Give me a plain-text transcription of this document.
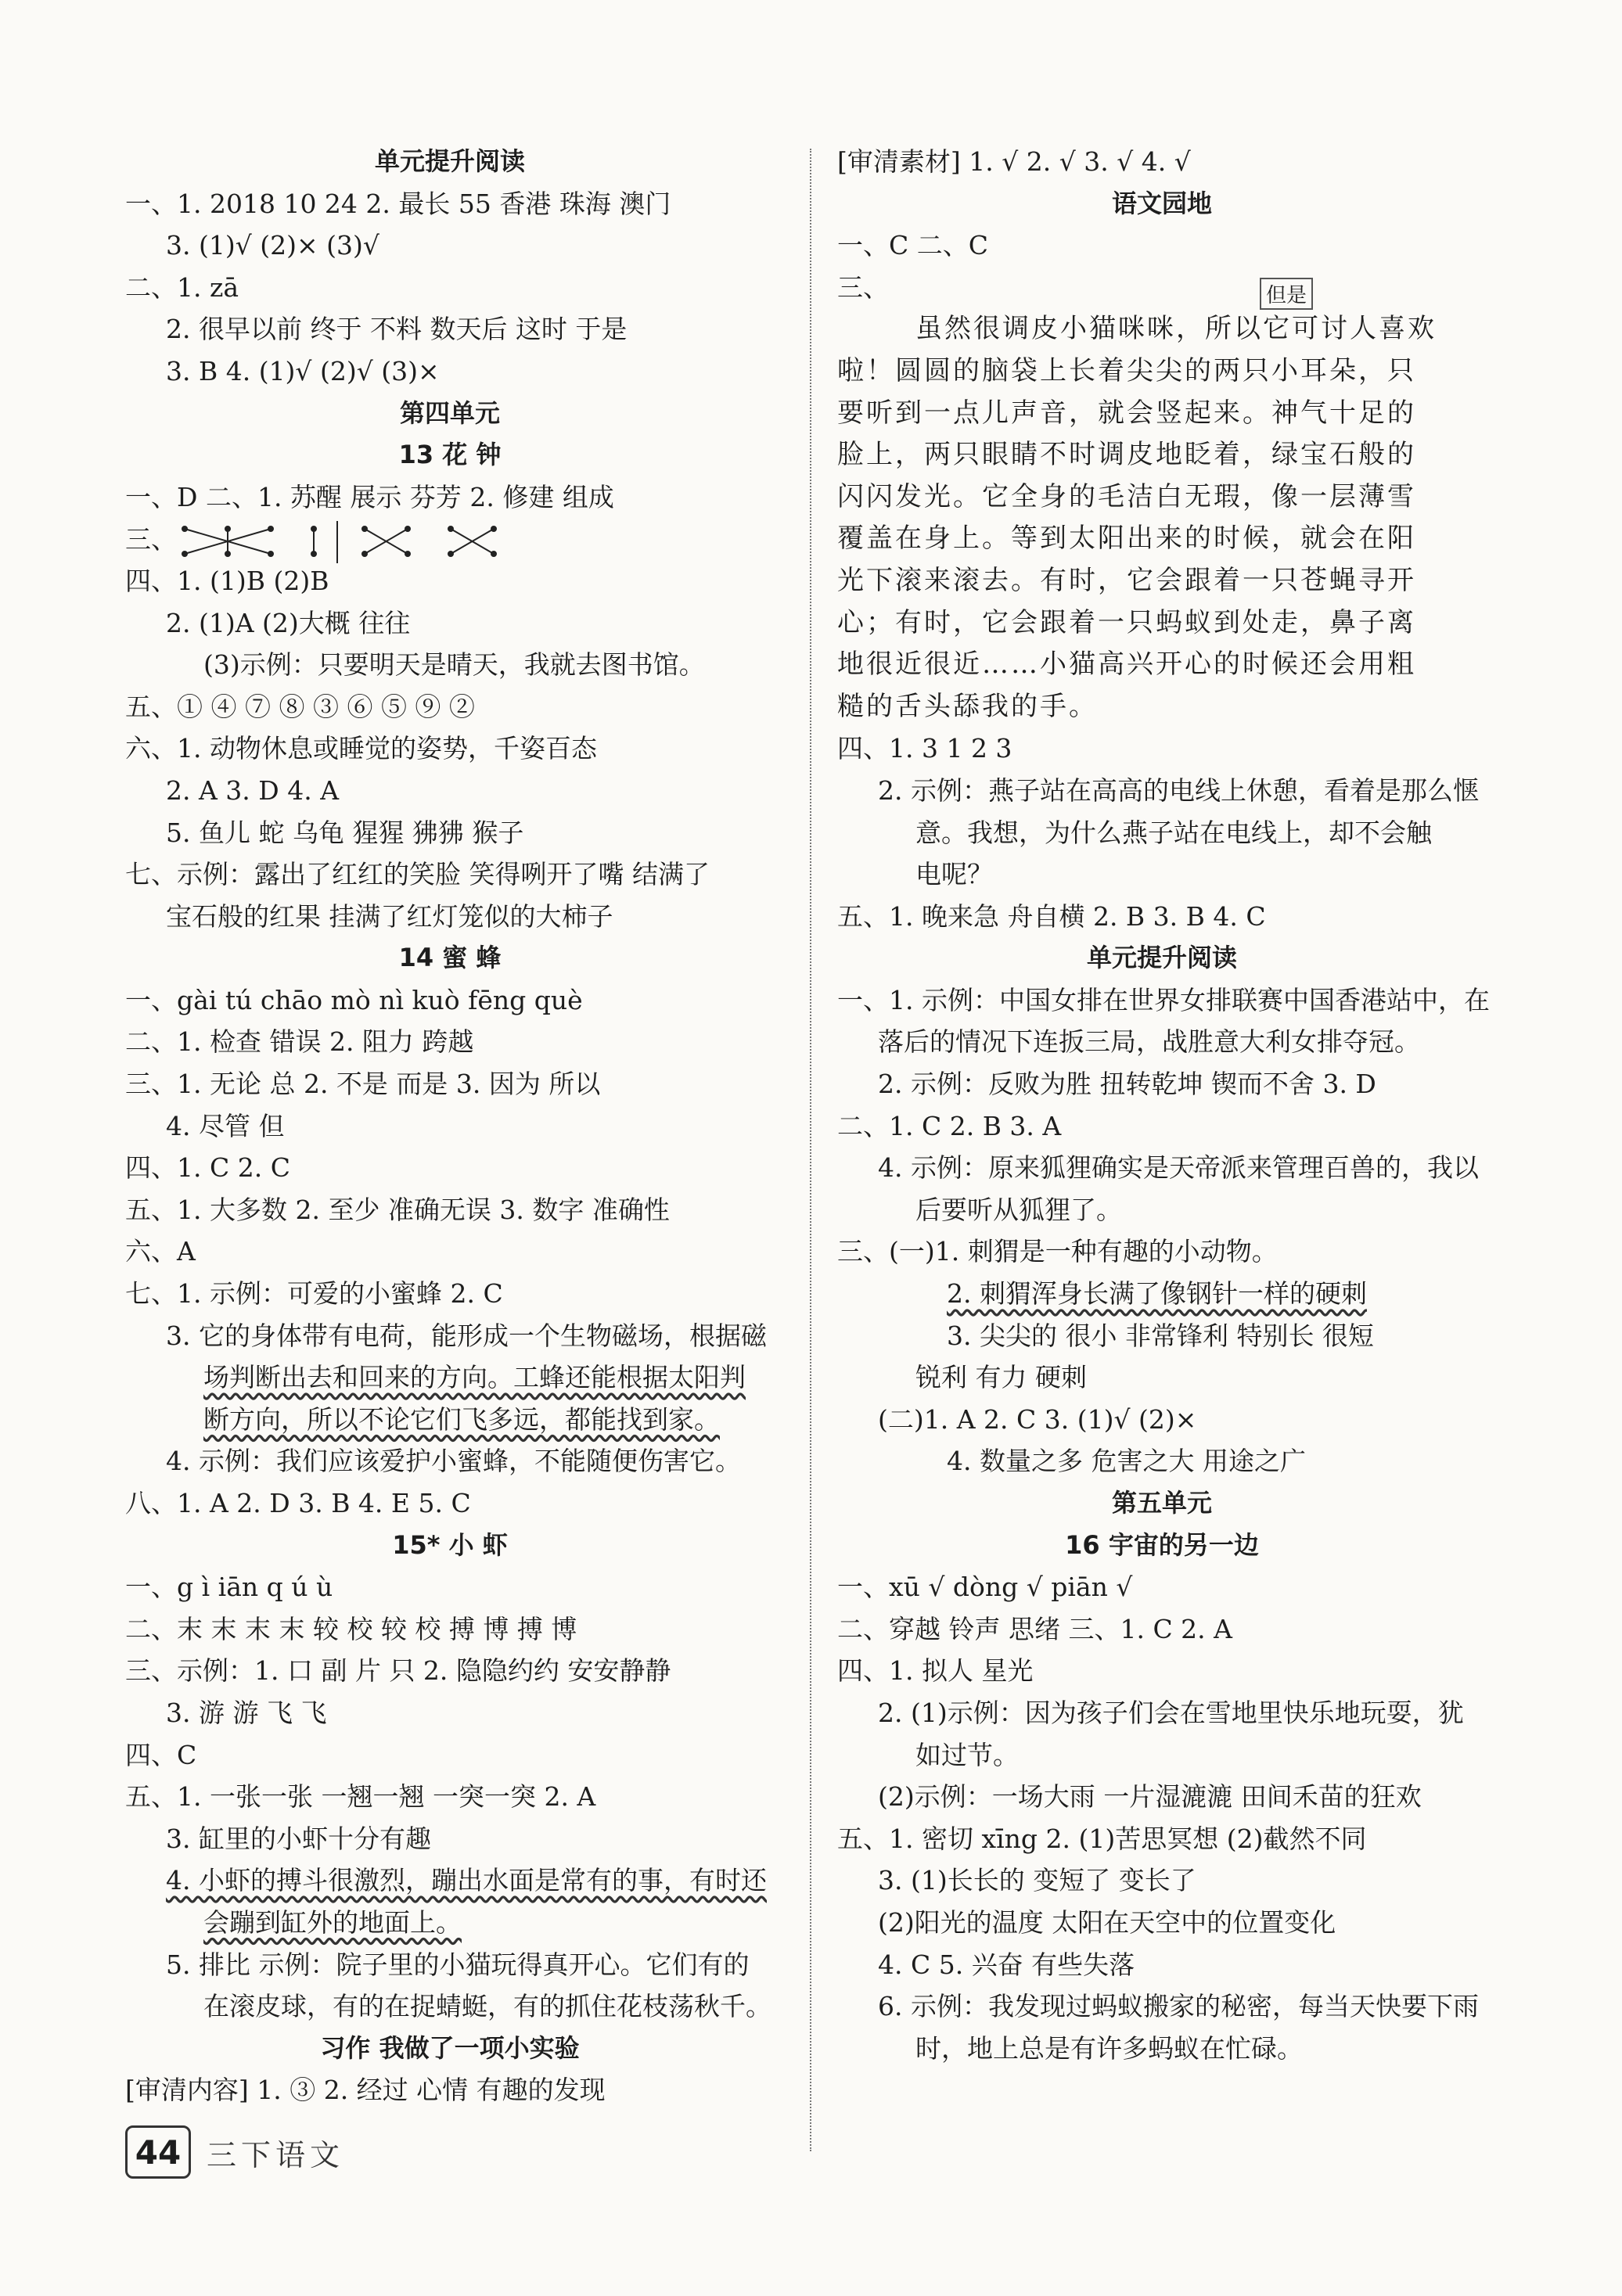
单元提升阅读
一、1. 2018 10 24 2. 最长 55 香港 珠海 澳门
3. (1)√ (2)× (3)√
二、1. zā
2. 很早以前 终于 不料 数天后 这时 于是
3. B 4. (1)√ (2)√ (3)×
第四单元
13 花 钟
一、D 二、1. 苏醒 展示 芬芳 2. 修建 组成
三、
四、1. (1)B (2)B
2. (1)A (2)大概 往往
(3)示例：只要明天是晴天，我就去图书馆。
五、① ④ ⑦ ⑧ ③ ⑥ ⑤ ⑨ ②
六、1. 动物休息或睡觉的姿势，千姿百态
2. A 3. D 4. A
5. 鱼儿 蛇 乌龟 猩猩 狒狒 猴子
七、示例：露出了红红的笑脸 笑得咧开了嘴 结满了
宝石般的红果 挂满了红灯笼似的大柿子
14 蜜 蜂
一、gài tú chāo mò nì kuò fēng què
二、1. 检查 错误 2. 阻力 跨越
三、1. 无论 总 2. 不是 而是 3. 因为 所以
4. 尽管 但
四、1. C 2. C
五、1. 大多数 2. 至少 准确无误 3. 数字 准确性
六、A
七、1. 示例：可爱的小蜜蜂 2. C
3. 它的身体带有电荷，能形成一个生物磁场，根据磁
场判断出去和回来的方向。工蜂还能根据太阳判
断方向，所以不论它们飞多远，都能找到家。
4. 示例：我们应该爱护小蜜蜂，不能随便伤害它。
八、1. A 2. D 3. B 4. E 5. C
15* 小 虾
一、g ì iān q ú ù
二、末 末 末 末 较 校 较 校 搏 博 搏 博
三、示例：1. 口 副 片 只 2. 隐隐约约 安安静静
3. 游 游 飞 飞
四、C
五、1. 一张一张 一翘一翘 一突一突 2. A
3. 缸里的小虾十分有趣
4. 小虾的搏斗很激烈，蹦出水面是常有的事，有时还
会蹦到缸外的地面上。
5. 排比 示例：院子里的小猫玩得真开心。它们有的
在滚皮球，有的在捉蜻蜓，有的抓住花枝荡秋千。
习作 我做了一项小实验
[审清内容] 1. ③ 2. 经过 心情 有趣的发现
[审清素材] 1. √ 2. √ 3. √ 4. √
语文园地
一、C 二、C
三、
虽然很调皮小猫咪咪，所以它可讨人喜欢
啦！圆圆的脑袋上长着尖尖的两只小耳朵，只
要听到一点儿声音，就会竖起来。神气十足的
脸上，两只眼睛不时调皮地眨着，绿宝石般的
闪闪发光。它全身的毛洁白无瑕，像一层薄雪
覆盖在身上。等到太阳出来的时候，就会在阳
光下滚来滚去。有时，它会跟着一只苍蝇寻开
心；有时，它会跟着一只蚂蚁到处走，鼻子离
地很近很近……小猫高兴开心的时候还会用粗
糙的舌头舔我的手。
四、1. 3 1 2 3
2. 示例：燕子站在高高的电线上休憩，看着是那么惬
意。我想，为什么燕子站在电线上，却不会触
电呢？
五、1. 晚来急 舟自横 2. B 3. B 4. C
单元提升阅读
一、1. 示例：中国女排在世界女排联赛中国香港站中，在
落后的情况下连扳三局，战胜意大利女排夺冠。
2. 示例：反败为胜 扭转乾坤 锲而不舍 3. D
二、1. C 2. B 3. A
4. 示例：原来狐狸确实是天帝派来管理百兽的，我以
后要听从狐狸了。
三、(一)1. 刺猬是一种有趣的小动物。
2. 刺猬浑身长满了像钢针一样的硬刺
3. 尖尖的 很小 非常锋利 特别长 很短
锐利 有力 硬刺
(二)1. A 2. C 3. (1)√ (2)×
4. 数量之多 危害之大 用途之广
第五单元
16 宇宙的另一边
一、xū √ dòng √ piān √
二、穿越 铃声 思绪 三、1. C 2. A
四、1. 拟人 星光
2. (1)示例：因为孩子们会在雪地里快乐地玩耍，犹
如过节。
(2)示例：一场大雨 一片湿漉漉 田间禾苗的狂欢
五、1. 密切 xīng 2. (1)苦思冥想 (2)截然不同
3. (1)长长的 变短了 变长了
(2)阳光的温度 太阳在天空中的位置变化
4. C 5. 兴奋 有些失落
6. 示例：我发现过蚂蚁搬家的秘密，每当天快要下雨
时，地上总是有许多蚂蚁在忙碌。
但是
44 三下语文
